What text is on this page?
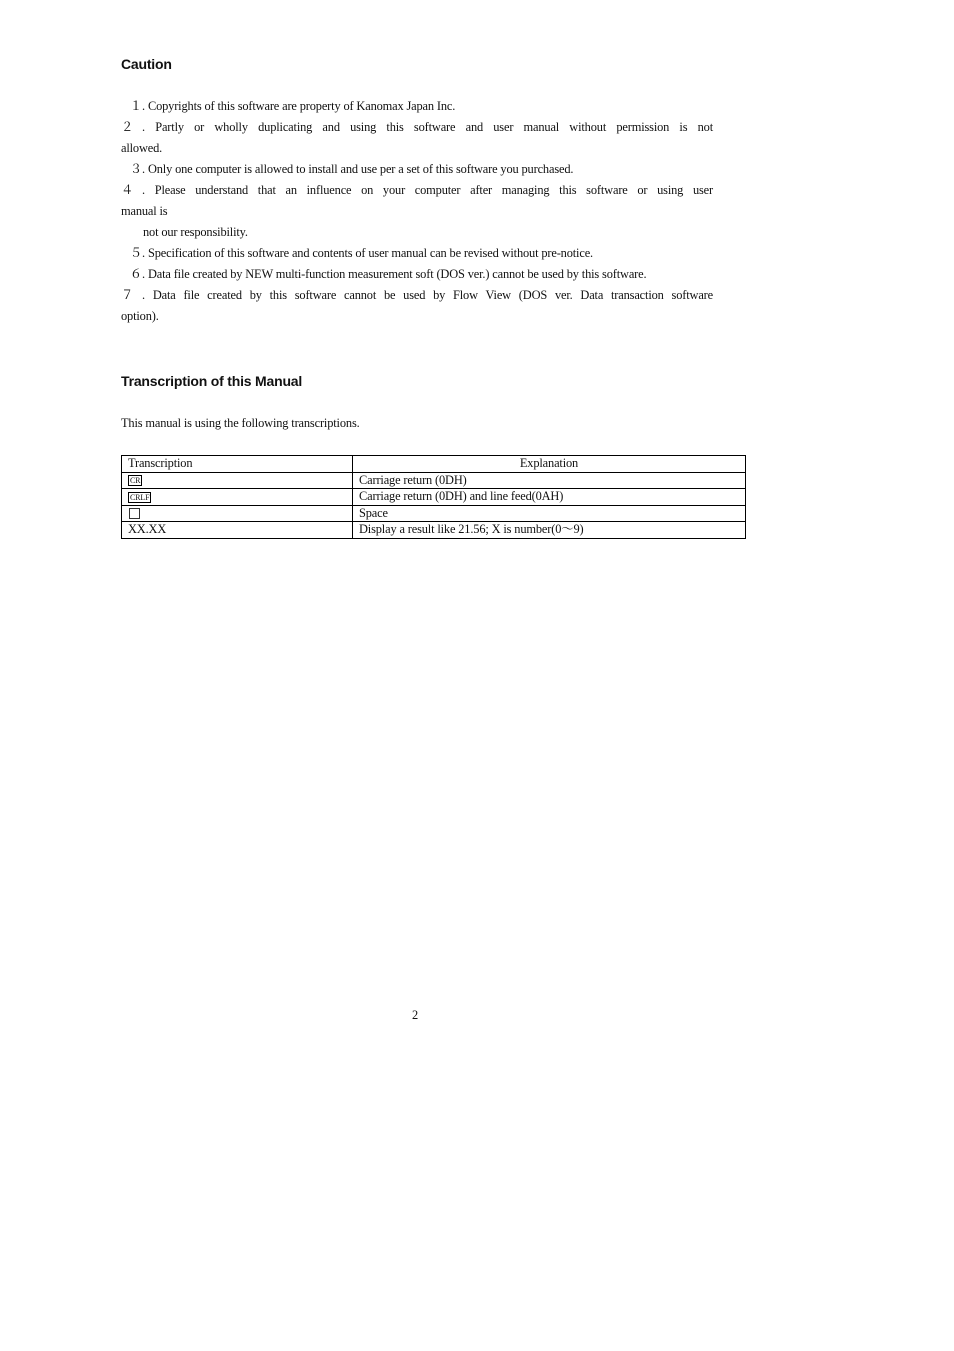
Caution
１. Copyrights of this software are property of Kanomax Japan Inc.
２. Partly or wholly duplicating and using this software and user manual without permission is not
allowed.
３. Only one computer is allowed to install and use per a set of this software you purchased.
４. Please understand that an influence on your computer after managing this software or using user
manual is
not our responsibility.
５. Specification of this software and contents of user manual can be revised without pre-notice.
６. Data file created by NEW multi-function measurement soft (DOS ver.) cannot be used by this software.
７. Data file created by this software cannot be used by Flow View (DOS ver. Data transaction software
option).
Transcription of this Manual
This manual is using the following transcriptions.
Transcription	Explanation
CR	Carriage return (0DH)
CRLF	Carriage return (0DH) and line feed(0AH)
	Space
XX.XX	Display a result like 21.56; X is number(0～9)
2
